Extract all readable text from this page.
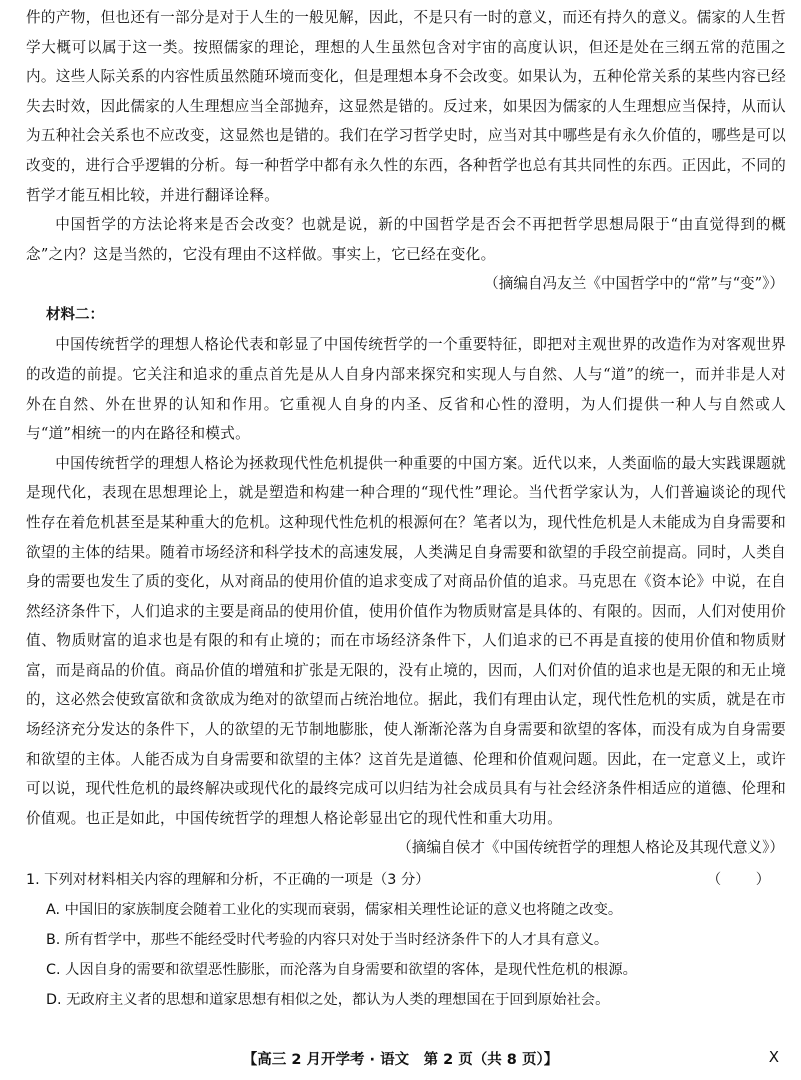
件的产物，但也还有一部分是对于人生的一般见解，因此，不是只有一时的意义，而还有持久的意义。儒家的人生哲学大概可以属于这一类。按照儒家的理论，理想的人生虽然包含对宇宙的高度认识，但还是处在三纲五常的范围之内。这些人际关系的内容性质虽然随环境而变化，但是理想本身不会改变。如果认为，五种伦常关系的某些内容已经失去时效，因此儒家的人生理想应当全部抛弃，这显然是错的。反过来，如果因为儒家的人生理想应当保持，从而认为五种社会关系也不应改变，这显然也是错的。我们在学习哲学史时，应当对其中哪些是有永久价值的，哪些是可以改变的，进行合乎逻辑的分析。每一种哲学中都有永久性的东西，各种哲学也总有其共同性的东西。正因此，不同的哲学才能互相比较，并进行翻译诠释。

中国哲学的方法论将来是否会改变？也就是说，新的中国哲学是否会不再把哲学思想局限于“由直觉得到的概念”之内？这是当然的，它没有理由不这样做。事实上，它已经在变化。

（摘编自冯友兰《中国哲学中的“常”与“变”》）

材料二：

中国传统哲学的理想人格论代表和彰显了中国传统哲学的一个重要特征，即把对主观世界的改造作为对客观世界的改造的前提。它关注和追求的重点首先是从人自身内部来探究和实现人与自然、人与“道”的统一，而并非是人对外在自然、外在世界的认知和作用。它重视人自身的内圣、反省和心性的澄明，为人们提供一种人与自然或人与“道”相统一的内在路径和模式。

中国传统哲学的理想人格论为拯救现代性危机提供一种重要的中国方案。近代以来，人类面临的最大实践课题就是现代化，表现在思想理论上，就是塑造和构建一种合理的“现代性”理论。当代哲学家认为，人们普遍谈论的现代性存在着危机甚至是某种重大的危机。这种现代性危机的根源何在？笔者以为，现代性危机是人未能成为自身需要和欲望的主体的结果。随着市场经济和科学技术的高速发展，人类满足自身需要和欲望的手段空前提高。同时，人类自身的需要也发生了质的变化，从对商品的使用价值的追求变成了对商品价值的追求。马克思在《资本论》中说，在自然经济条件下，人们追求的主要是商品的使用价值，使用价值作为物质财富是具体的、有限的。因而，人们对使用价值、物质财富的追求也是有限的和有止境的；而在市场经济条件下，人们追求的已不再是直接的使用价值和物质财富，而是商品的价值。商品价值的增殖和扩张是无限的，没有止境的，因而，人们对价值的追求也是无限的和无止境的，这必然会使致富欲和贪欲成为绝对的欲望而占统治地位。据此，我们有理由认定，现代性危机的实质，就是在市场经济充分发达的条件下，人的欲望的无节制地膨胀，使人渐渐沦落为自身需要和欲望的客体，而没有成为自身需要和欲望的主体。人能否成为自身需要和欲望的主体？这首先是道德、伦理和价值观问题。因此，在一定意义上，或许可以说，现代性危机的最终解决或现代化的最终完成可以归结为社会成员具有与社会经济条件相适应的道德、伦理和价值观。也正是如此，中国传统哲学的理想人格论彰显出它的现代性和重大功用。

（摘编自侯才《中国传统哲学的理想人格论及其现代意义》）

1. 下列对材料相关内容的理解和分析，不正确的一项是（3 分）	（　　）

A. 中国旧的家族制度会随着工业化的实现而衰弱，儒家相关理性论证的意义也将随之改变。

B. 所有哲学中，那些不能经受时代考验的内容只对处于当时经济条件下的人才具有意义。

C. 人因自身的需要和欲望恶性膨胀，而沦落为自身需要和欲望的客体，是现代性危机的根源。

D. 无政府主义者的思想和道家思想有相似之处，都认为人类的理想国在于回到原始社会。

【高三 2 月开学考 · 语文　第 2 页（共 8 页）】	X
